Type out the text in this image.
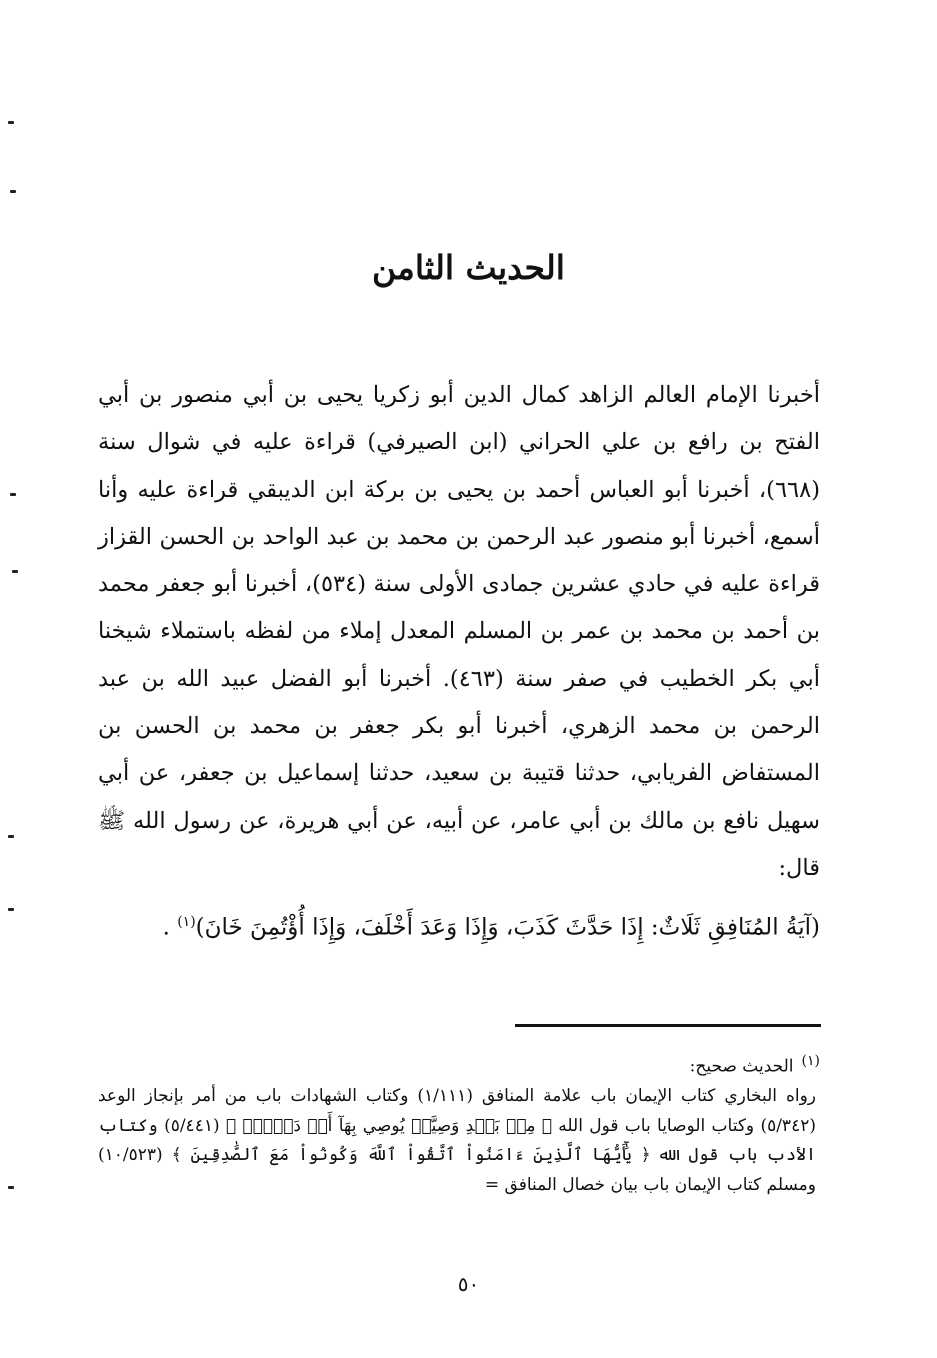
الحديث الثامن

أخبرنا الإمام العالم الزاهد كمال الدين أبو زكريا يحيى بن أبي منصور بن أبي الفتح بن رافع بن علي الحراني (ابن الصيرفي) قراءة عليه في شوال سنة (٦٦٨)، أخبرنا أبو العباس أحمد بن يحيى بن بركة ابن الديبقي قراءة عليه وأنا أسمع، أخبرنا أبو منصور عبد الرحمن بن محمد بن عبد الواحد بن الحسن القزاز قراءة عليه في حادي عشرين جمادى الأولى سنة (٥٣٤)، أخبرنا أبو جعفر محمد بن أحمد بن محمد بن عمر بن المسلم المعدل إملاء من لفظه باستملاء شيخنا أبي بكر الخطيب في صفر سنة (٤٦٣). أخبرنا أبو الفضل عبيد الله بن عبد الرحمن بن محمد الزهري، أخبرنا أبو بكر جعفر بن محمد بن الحسن بن المستفاض الفريابي، حدثنا قتيبة بن سعيد، حدثنا إسماعيل بن جعفر، عن أبي سهيل نافع بن مالك بن أبي عامر، عن أبيه، عن أبي هريرة، عن رسول الله ﷺ قال:

(آيَةُ المُنَافِقِ ثَلَاثٌ: إِذَا حَدَّثَ كَذَبَ، وَإِذَا وَعَدَ أَخْلَفَ، وَإِذَا أُؤْتُمِنَ خَانَ)$^{(١)}$ .

$^{(١)}$الحديث صحيح:

رواه البخاري كتاب الإيمان باب علامة المنافق (١/١١١) وكتاب الشهادات باب من أمر بإنجاز الوعد (٥/٣٤٢) وكتاب الوصايا باب قول الله ﴿ مِنۢ بَعۡدِ وَصِيَّةٖ يُوصِي بِهَآ أَوۡ دَيۡنٍۗ ﴾ (٥/٤٤١) وكتاب الأدب باب قول الله ﴿ يَٰٓأَيُّهَا ٱلَّذِينَ ءَامَنُواْ ٱتَّقُواْ ٱللَّهَ وَكُونُواْ مَعَ ٱلصَّٰدِقِينَ ﴾ (١٠/٥٢٣) ومسلم كتاب الإيمان باب بيان خصال المنافق =

٥٠
